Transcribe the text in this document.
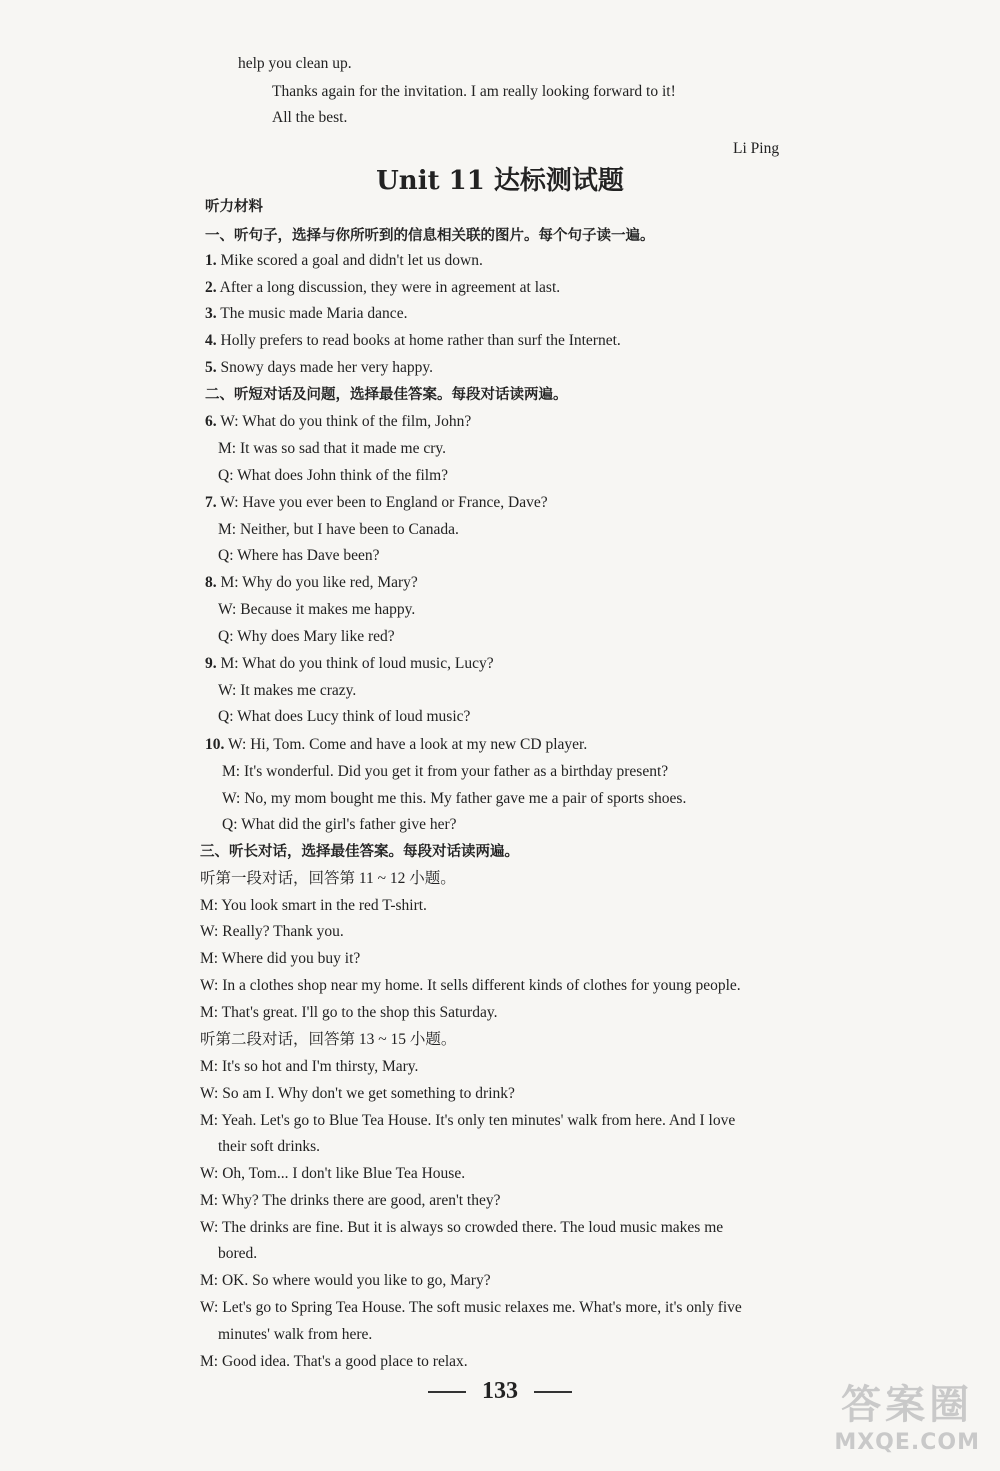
help you clean up.
Thanks again for the invitation. I am really looking forward to it!
All the best.
Li Ping
Unit 11 达标测试题
听力材料
一、听句子，选择与你所听到的信息相关联的图片。每个句子读一遍。
1. Mike scored a goal and didn't let us down.
2. After a long discussion, they were in agreement at last.
3. The music made Maria dance.
4. Holly prefers to read books at home rather than surf the Internet.
5. Snowy days made her very happy.
二、听短对话及问题，选择最佳答案。每段对话读两遍。
6. W: What do you think of the film, John?
M: It was so sad that it made me cry.
Q: What does John think of the film?
7. W: Have you ever been to England or France, Dave?
M: Neither, but I have been to Canada.
Q: Where has Dave been?
8. M: Why do you like red, Mary?
W: Because it makes me happy.
Q: Why does Mary like red?
9. M: What do you think of loud music, Lucy?
W: It makes me crazy.
Q: What does Lucy think of loud music?
10. W: Hi, Tom. Come and have a look at my new CD player.
M: It's wonderful. Did you get it from your father as a birthday present?
W: No, my mom bought me this. My father gave me a pair of sports shoes.
Q: What did the girl's father give her?
三、听长对话，选择最佳答案。每段对话读两遍。
听第一段对话，回答第 11 ~ 12 小题。
M: You look smart in the red T-shirt.
W: Really? Thank you.
M: Where did you buy it?
W: In a clothes shop near my home. It sells different kinds of clothes for young people.
M: That's great. I'll go to the shop this Saturday.
听第二段对话，回答第 13 ~ 15 小题。
M: It's so hot and I'm thirsty, Mary.
W: So am I. Why don't we get something to drink?
M: Yeah. Let's go to Blue Tea House. It's only ten minutes' walk from here. And I love
their soft drinks.
W: Oh, Tom... I don't like Blue Tea House.
M: Why? The drinks there are good, aren't they?
W: The drinks are fine. But it is always so crowded there. The loud music makes me
bored.
M: OK. So where would you like to go, Mary?
W: Let's go to Spring Tea House. The soft music relaxes me. What's more, it's only five
minutes' walk from here.
M: Good idea. That's a good place to relax.
133	答案圈
MXQE.COM
